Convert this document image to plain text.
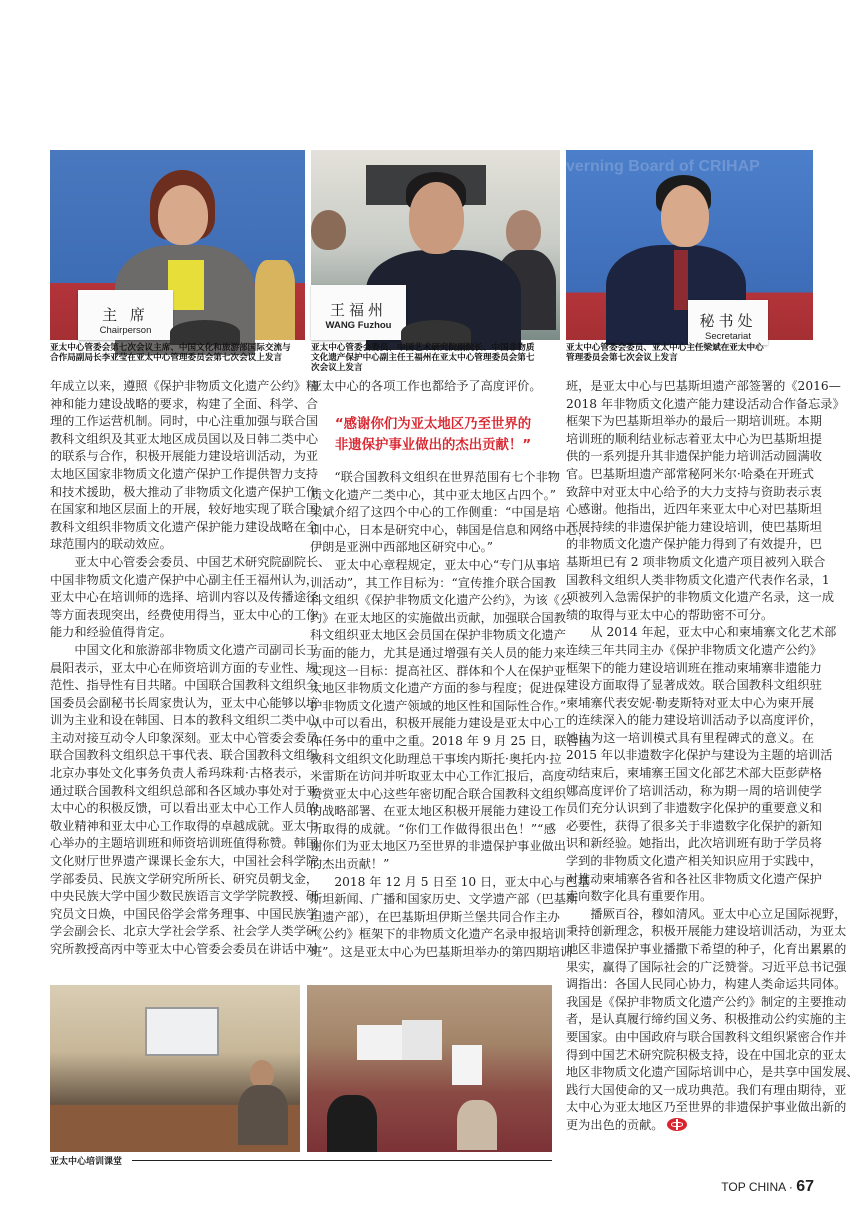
主 席
Chairperson
王福州
WANG Fuzhou
verning Board of CRIHAP
秘书处
Secretariat
亚太中心管委会第七次会议主席、中国文化和旅游部国际交流与
合作局副局长李亚莹在亚太中心管理委员会第七次会议上发言
亚太中心管委会委员、中国艺术研究院副院长、中国非物质
文化遗产保护中心副主任王福州在亚太中心管理委员会第七
次会议上发言
亚太中心管委会委员、亚太中心主任梁斌在亚太中心
管理委员会第七次会议上发言
年成立以来，遵照《保护非物质文化遗产公约》精
神和能力建设战略的要求，构建了全面、科学、合
理的工作运营机制。同时，中心注重加强与联合国
教科文组织及其亚太地区成员国以及日韩二类中心
的联系与合作，积极开展能力建设培训活动，为亚
太地区国家非物质文化遗产保护工作提供智力支持
和技术援助，极大推动了非物质文化遗产保护工作
在国家和地区层面上的开展，较好地实现了联合国
教科文组织非物质文化遗产保护能力建设战略在全
球范围内的联动效应。
亚太中心管委会委员、中国艺术研究院副院长、
中国非物质文化遗产保护中心副主任王福州认为，
亚太中心在培训师的选择、培训内容以及传播途径
等方面表现突出，经费使用得当，亚太中心的工作
能力和经验值得肯定。
中国文化和旅游部非物质文化遗产司副司长王
晨阳表示，亚太中心在师资培训方面的专业性、规
范性、指导性有目共睹。中国联合国教科文组织全
国委员会副秘书长周家贵认为，亚太中心能够以培
训为主业和设在韩国、日本的教科文组织二类中心
主动对接互动令人印象深刻。亚太中心管委会委员、
联合国教科文组织总干事代表、联合国教科文组织
北京办事处文化事务负责人希玛珠莉·古格表示，
通过联合国教科文组织总部和各区域办事处对于亚
太中心的积极反馈，可以看出亚太中心工作人员的
敬业精神和亚太中心工作取得的卓越成就。亚太中
心举办的主题培训班和师资培训班值得称赞。韩国
文化财厅世界遗产课课长金东大，中国社会科学院
学部委员、民族文学研究所所长、研究员朝戈金，
中央民族大学中国少数民族语言文学学院教授、研
究员文日焕，中国民俗学会常务理事、中国民族学
学会副会长、北京大学社会学系、社会学人类学研
究所教授高丙中等亚太中心管委会委员在讲话中对
亚太中心的各项工作也都给予了高度评价。
“感谢你们为亚太地区乃至世界的
非遗保护事业做出的杰出贡献！”
“联合国教科文组织在世界范围有七个非物
质文化遗产二类中心，其中亚太地区占四个。”
梁斌介绍了这四个中心的工作侧重：“中国是培
训中心，日本是研究中心，韩国是信息和网络中心，
伊朗是亚洲中西部地区研究中心。”
亚太中心章程规定，亚太中心“专门从事培
训活动”，其工作目标为：“宣传推介联合国教
科文组织《保护非物质文化遗产公约》，为该《公
约》在亚太地区的实施做出贡献，加强联合国教
科文组织亚太地区会员国在保护非物质文化遗产
方面的能力，尤其是通过增强有关人员的能力来
实现这一目标：提高社区、群体和个人在保护亚
太地区非物质文化遗产方面的参与程度；促进保
护非物质文化遗产领域的地区性和国际性合作。”
从中可以看出，积极开展能力建设是亚太中心工
作任务中的重中之重。2018 年 9 月 25 日，联合国
教科文组织文化助理总干事埃内斯托·奥托内·拉
米雷斯在访问并听取亚太中心工作汇报后，高度
赞赏亚太中心这些年密切配合联合国教科文组织
的战略部署、在亚太地区积极开展能力建设工作
所取得的成就。“你们工作做得很出色！”“感
谢你们为亚太地区乃至世界的非遗保护事业做出
的杰出贡献！”
2018 年 12 月 5 日至 10 日，亚太中心与巴基
斯坦新闻、广播和国家历史、文学遗产部（巴基斯
坦遗产部），在巴基斯坦伊斯兰堡共同合作主办
“《公约》框架下的非物质文化遗产名录申报培训
班”。这是亚太中心为巴基斯坦举办的第四期培训
班，是亚太中心与巴基斯坦遗产部签署的《2016—
2018 年非物质文化遗产能力建设活动合作备忘录》
框架下为巴基斯坦举办的最后一期培训班。本期
培训班的顺利结业标志着亚太中心为巴基斯坦提
供的一系列提升其非遗保护能力培训活动圆满收
官。巴基斯坦遗产部常秘阿米尔·哈桑在开班式
致辞中对亚太中心给予的大力支持与资助表示衷
心感谢。他指出，近四年来亚太中心对巴基斯坦
开展持续的非遗保护能力建设培训，使巴基斯坦
的非物质文化遗产保护能力得到了有效提升，巴
基斯坦已有 2 项非物质文化遗产项目被列入联合
国教科文组织人类非物质文化遗产代表作名录，1
项被列入急需保护的非物质文化遗产名录，这一成
绩的取得与亚太中心的帮助密不可分。
从 2014 年起，亚太中心和柬埔寨文化艺术部
连续三年共同主办《保护非物质文化遗产公约》
框架下的能力建设培训班在推动柬埔寨非遗能力
建设方面取得了显著成效。联合国教科文组织驻
柬埔寨代表安妮·勒麦斯特对亚太中心为柬开展
的连续深入的能力建设培训活动予以高度评价，
她认为这一培训模式具有里程碑式的意义。在
2015 年以非遗数字化保护与建设为主题的培训活
动结束后，柬埔寨王国文化部艺术部大臣彭萨格
娜高度评价了培训活动，称为期一周的培训使学
员们充分认识到了非遗数字化保护的重要意义和
必要性，获得了很多关于非遗数字化保护的新知
识和新经验。她指出，此次培训班有助于学员将
学到的非物质文化遗产相关知识应用于实践中，
对推动柬埔寨各省和各社区非物质文化遗产保护
走向数字化具有重要作用。
播厥百谷，穆如清风。亚太中心立足国际视野，
秉持创新理念，积极开展能力建设培训活动，为亚太
地区非遗保护事业播撒下希望的种子，化育出累累的
果实，赢得了国际社会的广泛赞誉。习近平总书记强
调指出：各国人民同心协力，构建人类命运共同体。
我国是《保护非物质文化遗产公约》制定的主要推动
者，是认真履行缔约国义务、积极推动公约实施的主
要国家。由中国政府与联合国教科文组织紧密合作并
得到中国艺术研究院积极支持，设在中国北京的亚太
地区非物质文化遗产国际培训中心，是共享中国发展、
践行大国使命的又一成功典范。我们有理由期待，亚
太中心为亚太地区乃至世界的非遗保护事业做出新的
更为出色的贡献。
亚太中心培训课堂
TOP CHINA · 67
